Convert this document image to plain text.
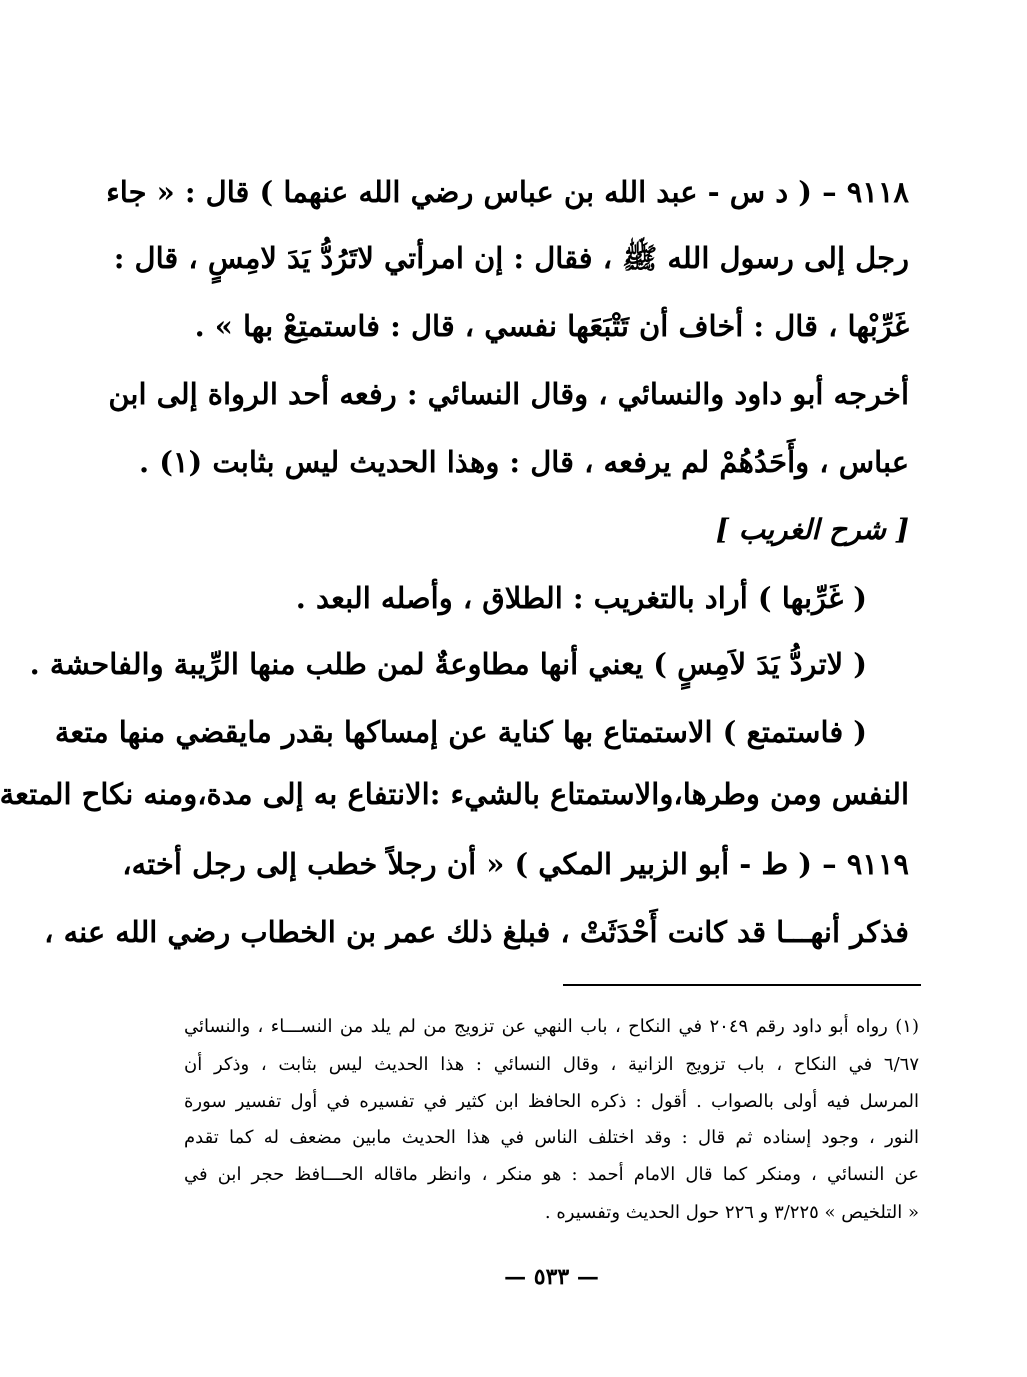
٩١١٨ – ( د س - عبد الله بن عباس رضي الله عنهما ) قال : « جاء
رجل إلى رسول الله ﷺ ، فقال : إن امرأتي لاتَرُدُّ يَدَ لامِسٍ ، قال :
غَرِّبْها ، قال : أخاف أن تَتْبَعَها نفسي ، قال : فاستمتِعْ بها » .
أخرجه أبو داود والنسائي ، وقال النسائي : رفعه أحد الرواة إلى ابن
عباس ، وأَحَدُهُمْ لم يرفعه ، قال : وهذا الحديث ليس بثابت (١) .
[ شرح الغريب ]
( غَرِّبها ) أراد بالتغريب : الطلاق ، وأصله البعد .
( لاتردُّ يَدَ لاَمِسٍ ) يعني أنها مطاوعةٌ لمن طلب منها الرِّيبة والفاحشة .
( فاستمتع ) الاستمتاع بها كناية عن إمساكها بقدر مايقضي منها متعة
النفس ومن وطرها،والاستمتاع بالشيء :الانتفاع به إلى مدة،ومنه نكاح المتعة
٩١١٩ – ( ط - أبو الزبير المكي ) « أن رجلاً خطب إلى رجل أخته،
فذكر أنهـــا قد كانت أَحْدَثَتْ ، فبلغ ذلك عمر بن الخطاب رضي الله عنه ،
(١) رواه أبو داود رقم ٢٠٤٩ في النكاح ، باب النهي عن تزويج من لم يلد من النســـاء ، والنسائي
٦/٦٧ في النكاح ، باب تزويج الزانية ، وقال النسائي : هذا الحديث ليس بثابت ، وذكر أن
المرسل فيه أولى بالصواب . أقول : ذكره الحافظ ابن كثير في تفسيره في أول تفسير سورة
النور ، وجود إسناده ثم قال : وقد اختلف الناس في هذا الحديث مابين مضعف له كما تقدم
عن النسائي ، ومنكر كما قال الامام أحمد : هو منكر ، وانظر ماقاله الحـــافظ حجر ابن في
« التلخيص » ٣/٢٢٥ و ٢٢٦ حول الحديث وتفسيره .
— ٥٣٣ —
